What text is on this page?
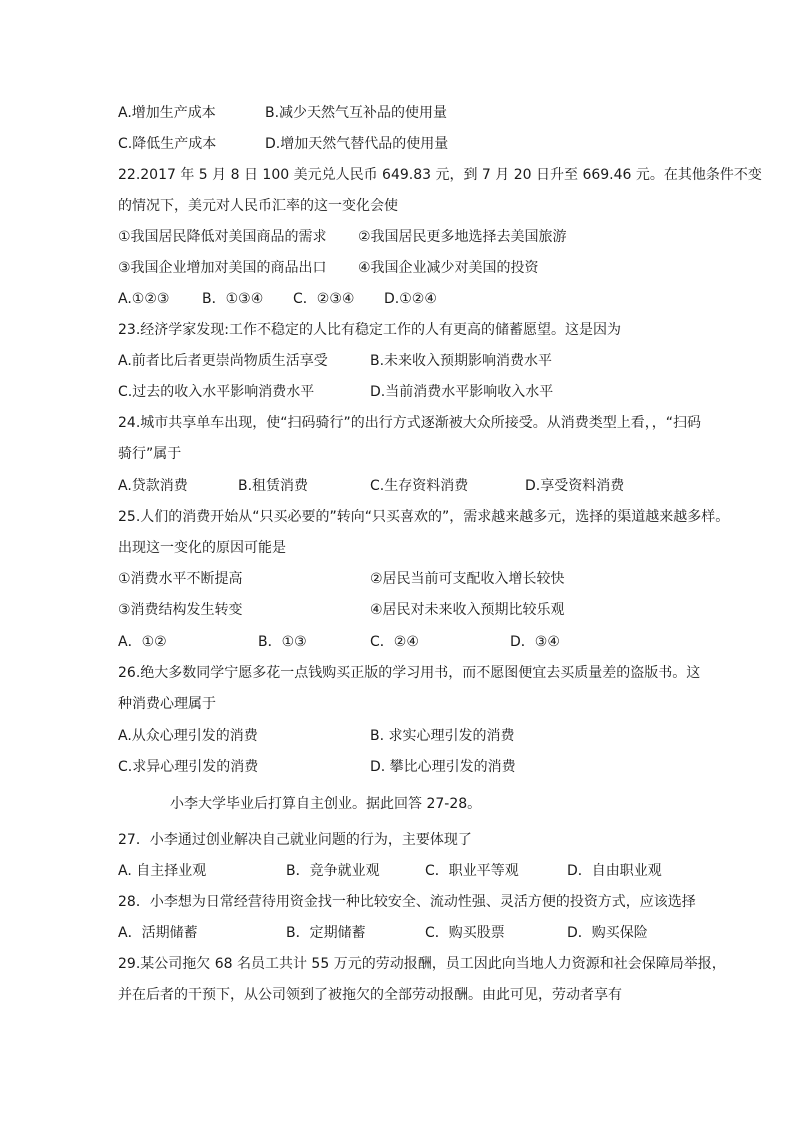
A.增加生产成本	B.减少天然气互补品的使用量
C.降低生产成本	D.增加天然气替代品的使用量
22.2017 年 5 月 8 日 100 美元兑人民币 649.83 元，到 7 月 20 日升至 669.46 元。在其他条件不变
的情况下，美元对人民币汇率的这一变化会使
①我国居民降低对美国商品的需求 ②我国居民更多地选择去美国旅游
③我国企业增加对美国的商品出口 ④我国企业减少对美国的投资
A.①②③ B．①③④ C．②③④ D.①②④
23.经济学家发现:工作不稳定的人比有稳定工作的人有更高的储蓄愿望。这是因为
A.前者比后者更崇尚物质生活享受	B.未来收入预期影响消费水平
C.过去的收入水平影响消费水平	D.当前消费水平影响收入水平
24.城市共享单车出现，使“扫码骑行”的出行方式逐渐被大众所接受。从消费类型上看，，“扫码
骑行”属于
A.贷款消费	B.租赁消费	C.生存资料消费	D.享受资料消费
25.人们的消费开始从“只买必要的”转向“只买喜欢的”，需求越来越多元，选择的渠道越来越多样。
出现这一变化的原因可能是
①消费水平不断提高	②居民当前可支配收入增长较快
③消费结构发生转变	④居民对未来收入预期比较乐观
A．①②	B．①③	C．②④	D．③④
26.绝大多数同学宁愿多花一点钱购买正版的学习用书，而不愿图便宜去买质量差的盗版书。这
种消费心理属于
A.从众心理引发的消费	B. 求实心理引发的消费
C.求异心理引发的消费	D. 攀比心理引发的消费
小李大学毕业后打算自主创业。据此回答 27-28。
27．小李通过创业解决自己就业问题的行为，主要体现了
A. 自主择业观	B．竞争就业观	C．职业平等观	D．自由职业观
28．小李想为日常经营待用资金找一种比较安全、流动性强、灵活方便的投资方式，应该选择
A．活期储蓄	B．定期储蓄	C．购买股票	D．购买保险
29.某公司拖欠 68 名员工共计 55 万元的劳动报酬，员工因此向当地人力资源和社会保障局举报，
并在后者的干预下，从公司领到了被拖欠的全部劳动报酬。由此可见，劳动者享有
